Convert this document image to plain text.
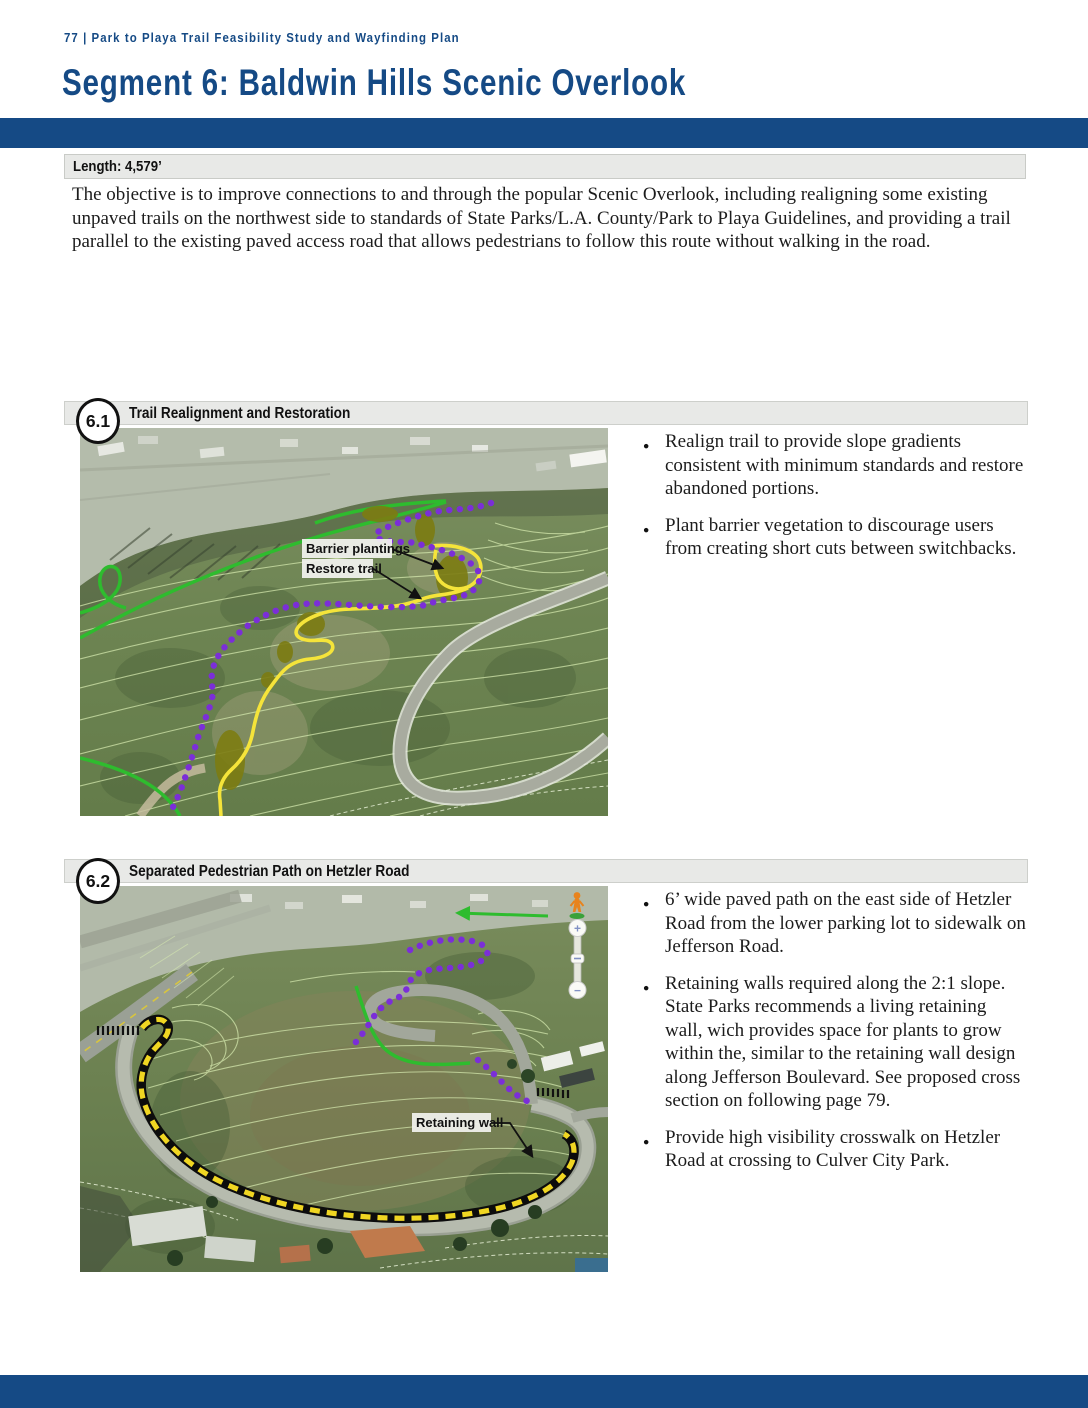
77 | Park to Playa Trail Feasibility Study and Wayfinding Plan
Segment 6: Baldwin Hills Scenic Overlook
Length: 4,579’

The objective is to improve connections to and through the popular Scenic Overlook, including realigning some existing unpaved trails on the northwest side to standards of State Parks/L.A. County/Park to Playa Guidelines, and providing a trail parallel to the existing paved access road that allows pedestrians to follow this route without walking in the road.

Trail Realignment and Restoration
6.1
Barrier plantings
Restore trail
● Realign trail to provide slope gradients consistent with minimum standards and restore abandoned portions.
● Plant barrier vegetation to discourage users from creating short cuts between switchbacks.
Separated Pedestrian Path on Hetzler Road
6.2
Retaining wall
+
−
● 6’ wide paved path on the east side of Hetzler Road from the lower parking lot to sidewalk on Jefferson Road.
● Retaining walls required along the 2:1 slope. State Parks recommends a living retaining wall, wich provides space for plants to grow within the, similar to the retaining wall design along Jefferson Boulevard. See proposed cross section on following page 79.
● Provide high visibility crosswalk on Hetzler Road at crossing to Culver City Park.
